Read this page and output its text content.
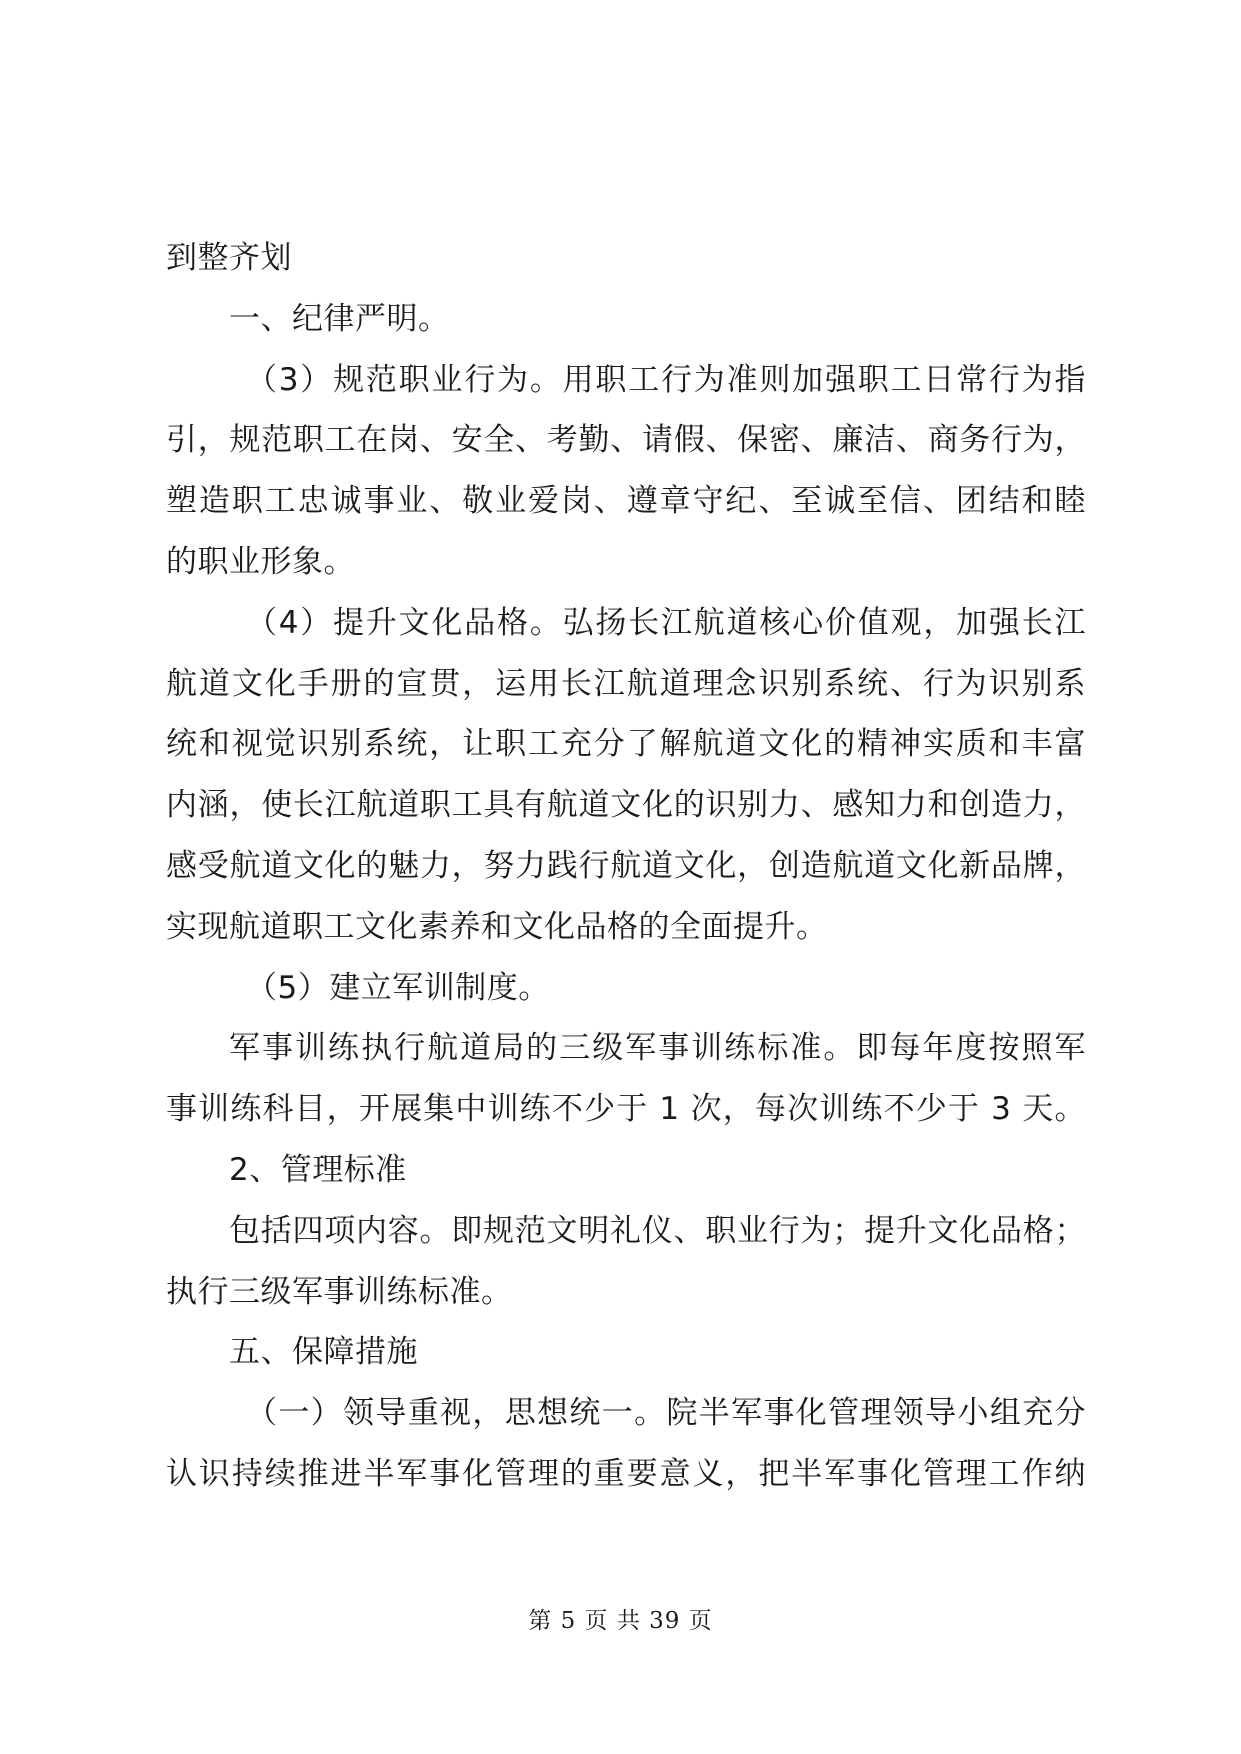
到整齐划
一、纪律严明。
（3）规范职业行为。用职工行为准则加强职工日常行为指
引，规范职工在岗、安全、考勤、请假、保密、廉洁、商务行为，
塑造职工忠诚事业、敬业爱岗、遵章守纪、至诚至信、团结和睦
的职业形象。
（4）提升文化品格。弘扬长江航道核心价值观，加强长江
航道文化手册的宣贯，运用长江航道理念识别系统、行为识别系
统和视觉识别系统，让职工充分了解航道文化的精神实质和丰富
内涵，使长江航道职工具有航道文化的识别力、感知力和创造力，
感受航道文化的魅力，努力践行航道文化，创造航道文化新品牌，
实现航道职工文化素养和文化品格的全面提升。
（5）建立军训制度。
军事训练执行航道局的三级军事训练标准。即每年度按照军
事训练科目，开展集中训练不少于 1 次，每次训练不少于 3 天。
2、管理标准
包括四项内容。即规范文明礼仪、职业行为；提升文化品格；
执行三级军事训练标准。
五、保障措施
（一）领导重视，思想统一。院半军事化管理领导小组充分
认识持续推进半军事化管理的重要意义，把半军事化管理工作纳
第 5 页 共 39 页
